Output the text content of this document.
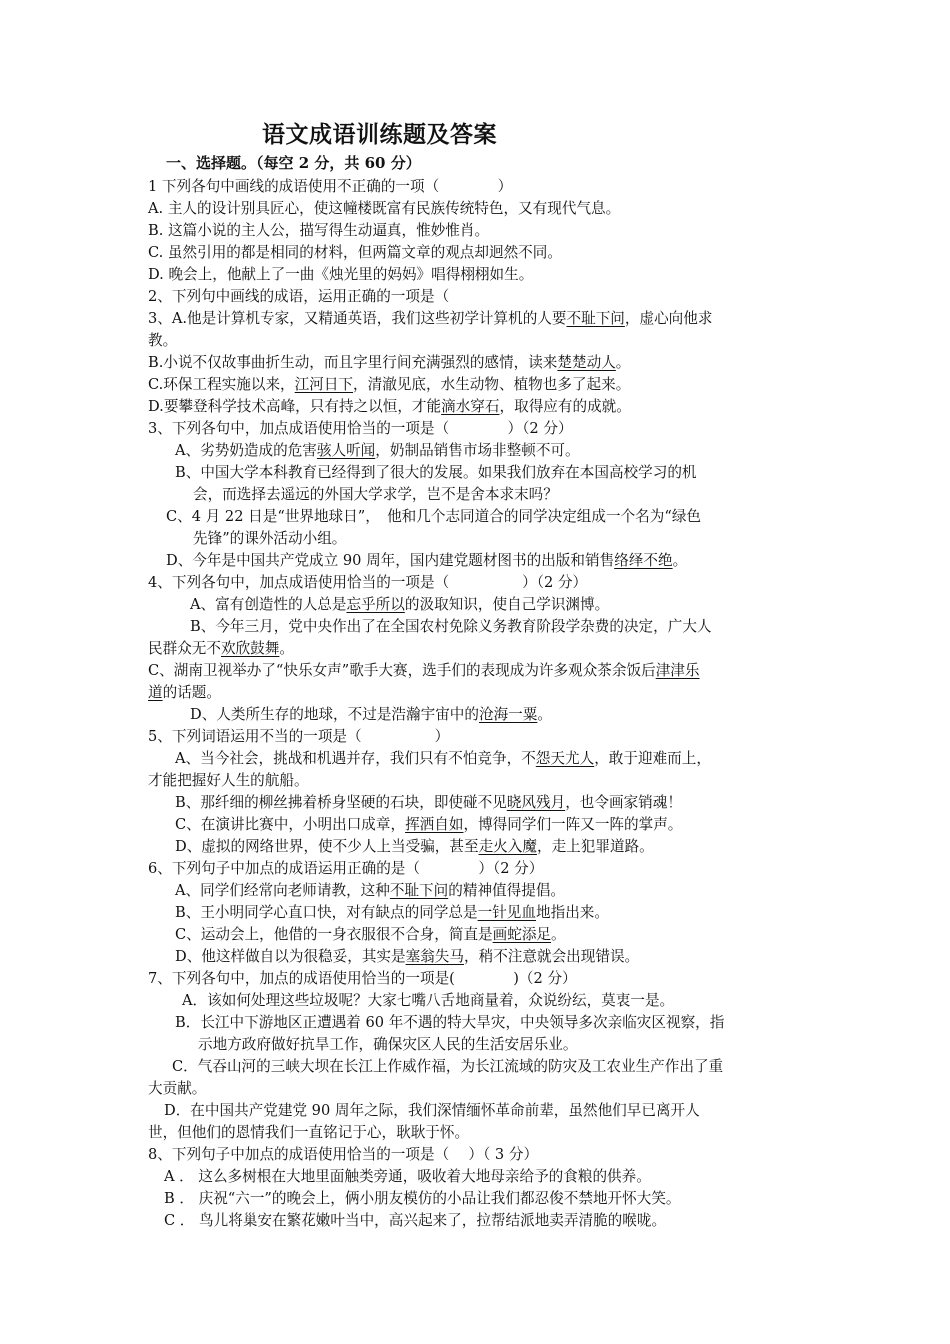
语文成语训练题及答案
一、选择题。（每空 2 分，共 60 分）
1 下列各句中画线的成语使用不正确的一项（　　　　）
A. 主人的设计别具匠心，使这幢楼既富有民族传统特色，又有现代气息。
B. 这篇小说的主人公，描写得生动逼真，惟妙惟肖。
C. 虽然引用的都是相同的材料，但两篇文章的观点却迥然不同。
D. 晚会上，他献上了一曲《烛光里的妈妈》唱得栩栩如生。
2、下列句中画线的成语，运用正确的一项是（
3、A.他是计算机专家，又精通英语，我们这些初学计算机的人要不耻下问，虚心向他求
教。
B.小说不仅故事曲折生动，而且字里行间充满强烈的感情，读来楚楚动人。
C.环保工程实施以来，江河日下，清澈见底，水生动物、植物也多了起来。
D.要攀登科学技术高峰，只有持之以恒，才能滴水穿石，取得应有的成就。
3、下列各句中，加点成语使用恰当的一项是（　　　　）（2 分）
A、劣势奶造成的危害骇人听闻，奶制品销售市场非整顿不可。
B、中国大学本科教育已经得到了很大的发展。如果我们放弃在本国高校学习的机
会，而选择去遥远的外国大学求学，岂不是舍本求末吗？
C、4 月 22 日是“世界地球日”，　他和几个志同道合的同学决定组成一个名为“绿色
先锋”的课外活动小组。
D、今年是中国共产党成立 90 周年，国内建党题材图书的出版和销售络绎不绝。
4、下列各句中，加点成语使用恰当的一项是（　　　　　）（2 分）
A、富有创造性的人总是忘乎所以的汲取知识，使自己学识渊博。
B、今年三月，党中央作出了在全国农村免除义务教育阶段学杂费的决定，广大人
民群众无不欢欣鼓舞。
C、湖南卫视举办了“快乐女声”歌手大赛，选手们的表现成为许多观众茶余饭后津津乐
道的话题。
D、人类所生存的地球，不过是浩瀚宇宙中的沧海一粟。
5、下列词语运用不当的一项是（　　　　　）
A、当今社会，挑战和机遇并存，我们只有不怕竞争，不怨天尤人，敢于迎难而上，
才能把握好人生的航船。
B、那纤细的柳丝拂着桥身坚硬的石块，即使碰不见晓风残月，也令画家销魂！
C、在演讲比赛中，小明出口成章，挥洒自如，博得同学们一阵又一阵的掌声。
D、虚拟的网络世界，使不少人上当受骗，甚至走火入魔，走上犯罪道路。
6、下列句子中加点的成语运用正确的是（　　　　）（2 分）
A、同学们经常向老师请教，这种不耻下问的精神值得提倡。
B、王小明同学心直口快，对有缺点的同学总是一针见血地指出来。
C、运动会上，他借的一身衣服很不合身，简直是画蛇添足。
D、他这样做自以为很稳妥，其实是塞翁失马，稍不注意就会出现错误。
7、下列各句中，加点的成语使用恰当的一项是(　　　　)（2 分）
A．该如何处理这些垃圾呢？大家七嘴八舌地商量着，众说纷纭，莫衷一是。
B．长江中下游地区正遭遇着 60 年不遇的特大旱灾，中央领导多次亲临灾区视察，指
示地方政府做好抗旱工作，确保灾区人民的生活安居乐业。
C．气吞山河的三峡大坝在长江上作威作福，为长江流域的防灾及工农业生产作出了重
大贡献。
D．在中国共产党建党 90 周年之际，我们深情缅怀革命前辈，虽然他们早已离开人
世，但他们的恩情我们一直铭记于心，耿耿于怀。
8、下列句子中加点的成语使用恰当的一项是（　 ）（ 3 分）
A ． 这么多树根在大地里面触类旁通，吸收着大地母亲给予的食粮的供养。
B ． 庆祝“六一”的晚会上，俩小朋友模仿的小品让我们都忍俊不禁地开怀大笑。
C ． 鸟儿将巢安在繁花嫩叶当中，高兴起来了，拉帮结派地卖弄清脆的喉咙。
